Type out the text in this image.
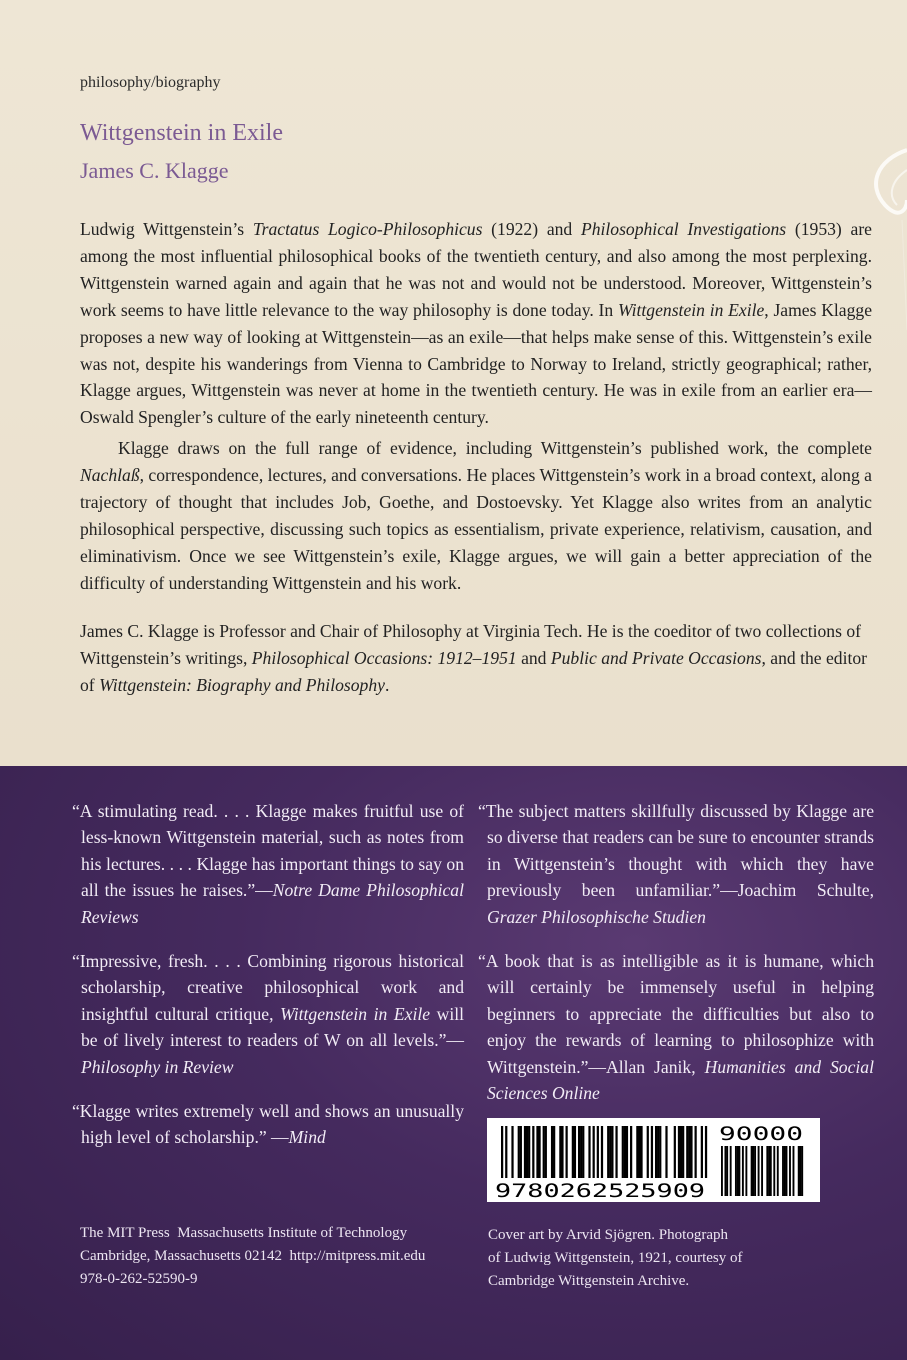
philosophy/biography
Wittgenstein in Exile
James C. Klagge

Ludwig Wittgenstein’s Tractatus Logico-Philosophicus (1922) and Philosophical Investigations (1953) are among the most influential philosophical books of the twentieth century, and also among the most perplexing. Wittgenstein warned again and again that he was not and would not be understood. Moreover, Wittgenstein’s work seems to have little relevance to the way philosophy is done today. In Wittgenstein in Exile, James Klagge proposes a new way of looking at Wittgenstein—as an exile—that helps make sense of this. Wittgenstein’s exile was not, despite his wanderings from Vienna to Cambridge to Norway to Ireland, strictly geographical; rather, Klagge argues, Wittgenstein was never at home in the twentieth century. He was in exile from an earlier era—Oswald Spengler’s culture of the early nineteenth century.

Klagge draws on the full range of evidence, including Wittgenstein’s published work, the complete Nachlaß, correspondence, lectures, and conversations. He places Wittgenstein’s work in a broad context, along a trajectory of thought that includes Job, Goethe, and Dostoevsky. Yet Klagge also writes from an analytic philosophical perspective, discussing such topics as essentialism, private experience, relativism, causation, and eliminativism. Once we see Wittgenstein’s exile, Klagge argues, we will gain a better appreciation of the difficulty of understanding Wittgenstein and his work.

James C. Klagge is Professor and Chair of Philosophy at Virginia Tech. He is the coeditor of two collections of Wittgenstein’s writings, Philosophical Occasions: 1912–1951 and Public and Private Occasions, and the editor of Wittgenstein: Biography and Philosophy.
“A stimulating read. . . . Klagge makes fruitful use of less-known Wittgenstein material, such as notes from his lectures. . . . Klagge has important things to say on all the issues he raises.”—Notre Dame Philosophical Reviews
“Impressive, fresh. . . . Combining rigorous historical scholarship, creative philosophical work and insightful cultural critique, Wittgenstein in Exile will be of lively interest to readers of W on all levels.”—Philosophy in Review
“Klagge writes extremely well and shows an unusually high level of scholarship.” —Mind
“The subject matters skillfully discussed by Klagge are so diverse that readers can be sure to encounter strands in Wittgenstein’s thought with which they have previously been unfamiliar.”—Joachim Schulte, Grazer Philosophische Studien
“A book that is as intelligible as it is humane, which will certainly be immensely useful in helping beginners to appreciate the difficulties but also to enjoy the rewards of learning to philosophize with Wittgenstein.”—Allan Janik, Humanities and Social Sciences Online
9780262525909
90000
The MIT Press  Massachusetts Institute of Technology
Cambridge, Massachusetts 02142  http://mitpress.mit.edu
978-0-262-52590-9
Cover art by Arvid Sjögren. Photograph
of Ludwig Wittgenstein, 1921, courtesy of
Cambridge Wittgenstein Archive.
